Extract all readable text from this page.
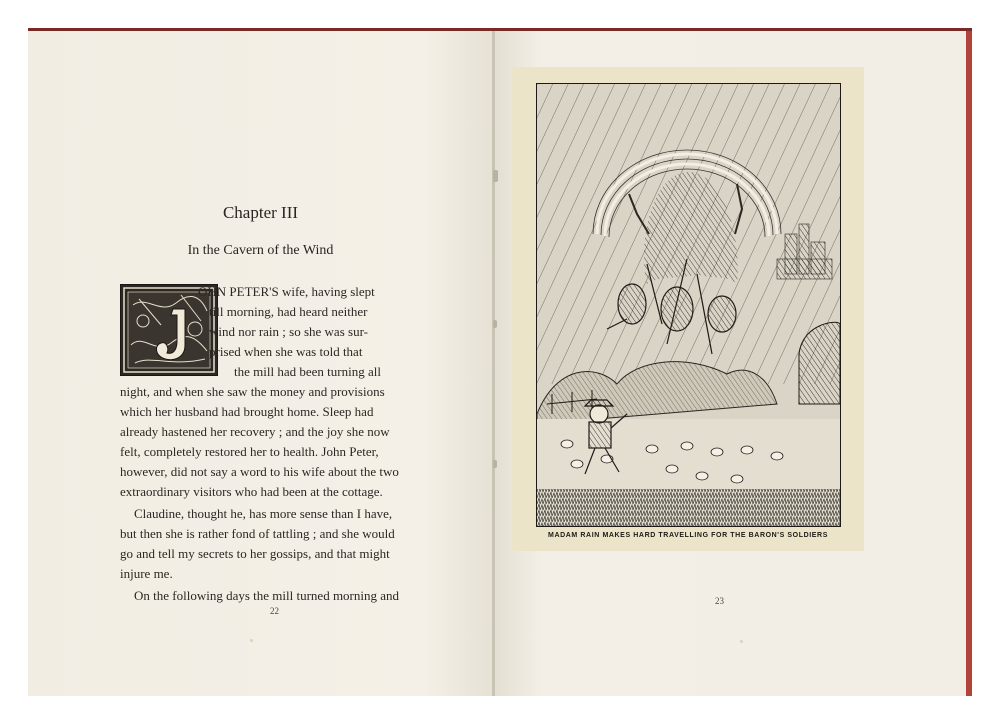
Chapter III
In the Cavern of the Wind
OHN PETER'S wife, having slept
till morning, had heard neither
wind nor rain ; so she was sur-
prised when she was told that
the mill had been turning all
night, and when she saw the money and provisions
which her husband had brought home. Sleep had
already hastened her recovery ; and the joy she now
felt, completely restored her to health. John Peter,
however, did not say a word to his wife about the two
extraordinary visitors who had been at the cottage.
Claudine, thought he, has more sense than I have,
but then she is rather fond of tattling ; and she would
go and tell my secrets to her gossips, and that might
injure me.
On the following days the mill turned morning and
22
MADAM RAIN MAKES HARD TRAVELLING FOR THE BARON'S SOLDIERS
23
